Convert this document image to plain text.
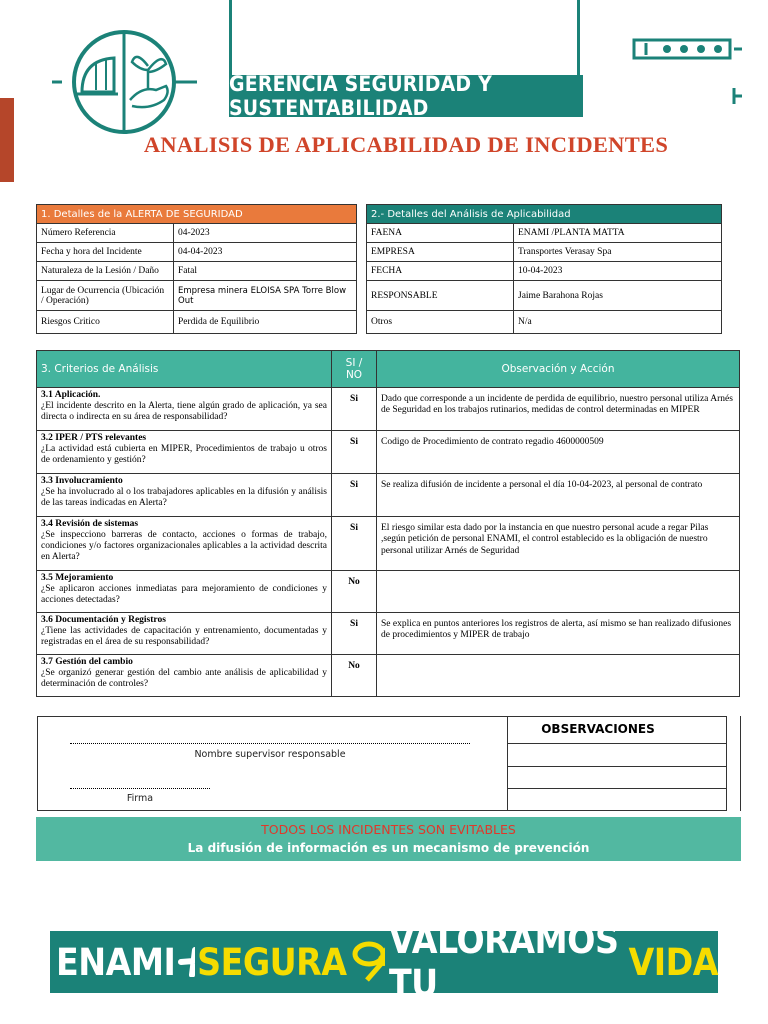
GERENCIA SEGURIDAD Y SUSTENTABILIDAD
ANALISIS DE APLICABILIDAD DE INCIDENTES
1. Detalles de la ALERTA DE SEGURIDAD	
Número Referencia	04-2023
Fecha y hora del Incidente	04-04-2023
Naturaleza de la Lesión / Daño	Fatal
Lugar de Ocurrencia (Ubicación / Operación)	Empresa minera ELOISA SPA Torre Blow Out
Riesgos Critico	Perdida de Equilibrio
2.- Detalles del Análisis de Aplicabilidad	
FAENA	ENAMI /PLANTA MATTA
EMPRESA	Transportes Verasay Spa
FECHA	10-04-2023
RESPONSABLE	Jaime Barahona Rojas
Otros	N/a
3. Criterios de Análisis	SI / NO	Observación y Acción
3.1 Aplicación.
¿El incidente descrito en la Alerta, tiene algún grado de aplicación, ya sea directa o indirecta en su área de responsabilidad?	Si	Dado que corresponde a un incidente de perdida de equilibrio, nuestro personal utiliza Arnés de Seguridad en los trabajos rutinarios, medidas de control determinadas en MIPER
3.2 IPER / PTS relevantes
¿La actividad está cubierta en MIPER, Procedimientos de trabajo u otros de ordenamiento y gestión?	Si	Codigo de Procedimiento de contrato regadio 4600000509
3.3 Involucramiento
¿Se ha involucrado al o los trabajadores aplicables en la difusión y análisis de las tareas indicadas en Alerta?	Si	Se realiza difusión de incidente a personal el día 10-04-2023, al personal de contrato
3.4 Revisión de sistemas
¿Se inspecciono barreras de contacto, acciones o formas de trabajo, condiciones y/o factores organizacionales aplicables a la actividad descrita en Alerta?	Si	El riesgo similar esta dado por la instancia en que nuestro personal acude a regar Pilas ,según petición de personal ENAMI, el control establecido es la obligación de nuestro personal utilizar Arnés de Seguridad
3.5 Mejoramiento
¿Se aplicaron acciones inmediatas para mejoramiento de condiciones y acciones detectadas?	No	
3.6 Documentación y Registros
¿Tiene las actividades de capacitación y entrenamiento, documentadas y registradas en el área de su responsabilidad?	Si	Se explica en puntos anteriores los registros de alerta, así mismo se han realizado difusiones de procedimientos y MIPER de trabajo
3.7 Gestión del cambio
¿Se organizó generar gestión del cambio ante análisis de aplicabilidad y determinación de controles?	No	
Nombre supervisor responsable
Firma
OBSERVACIONES
TODOS LOS INCIDENTES SON EVITABLES
La difusión de información es un mecanismo de prevención
ENAMI SEGURA VALORAMOS TU	VIDA
